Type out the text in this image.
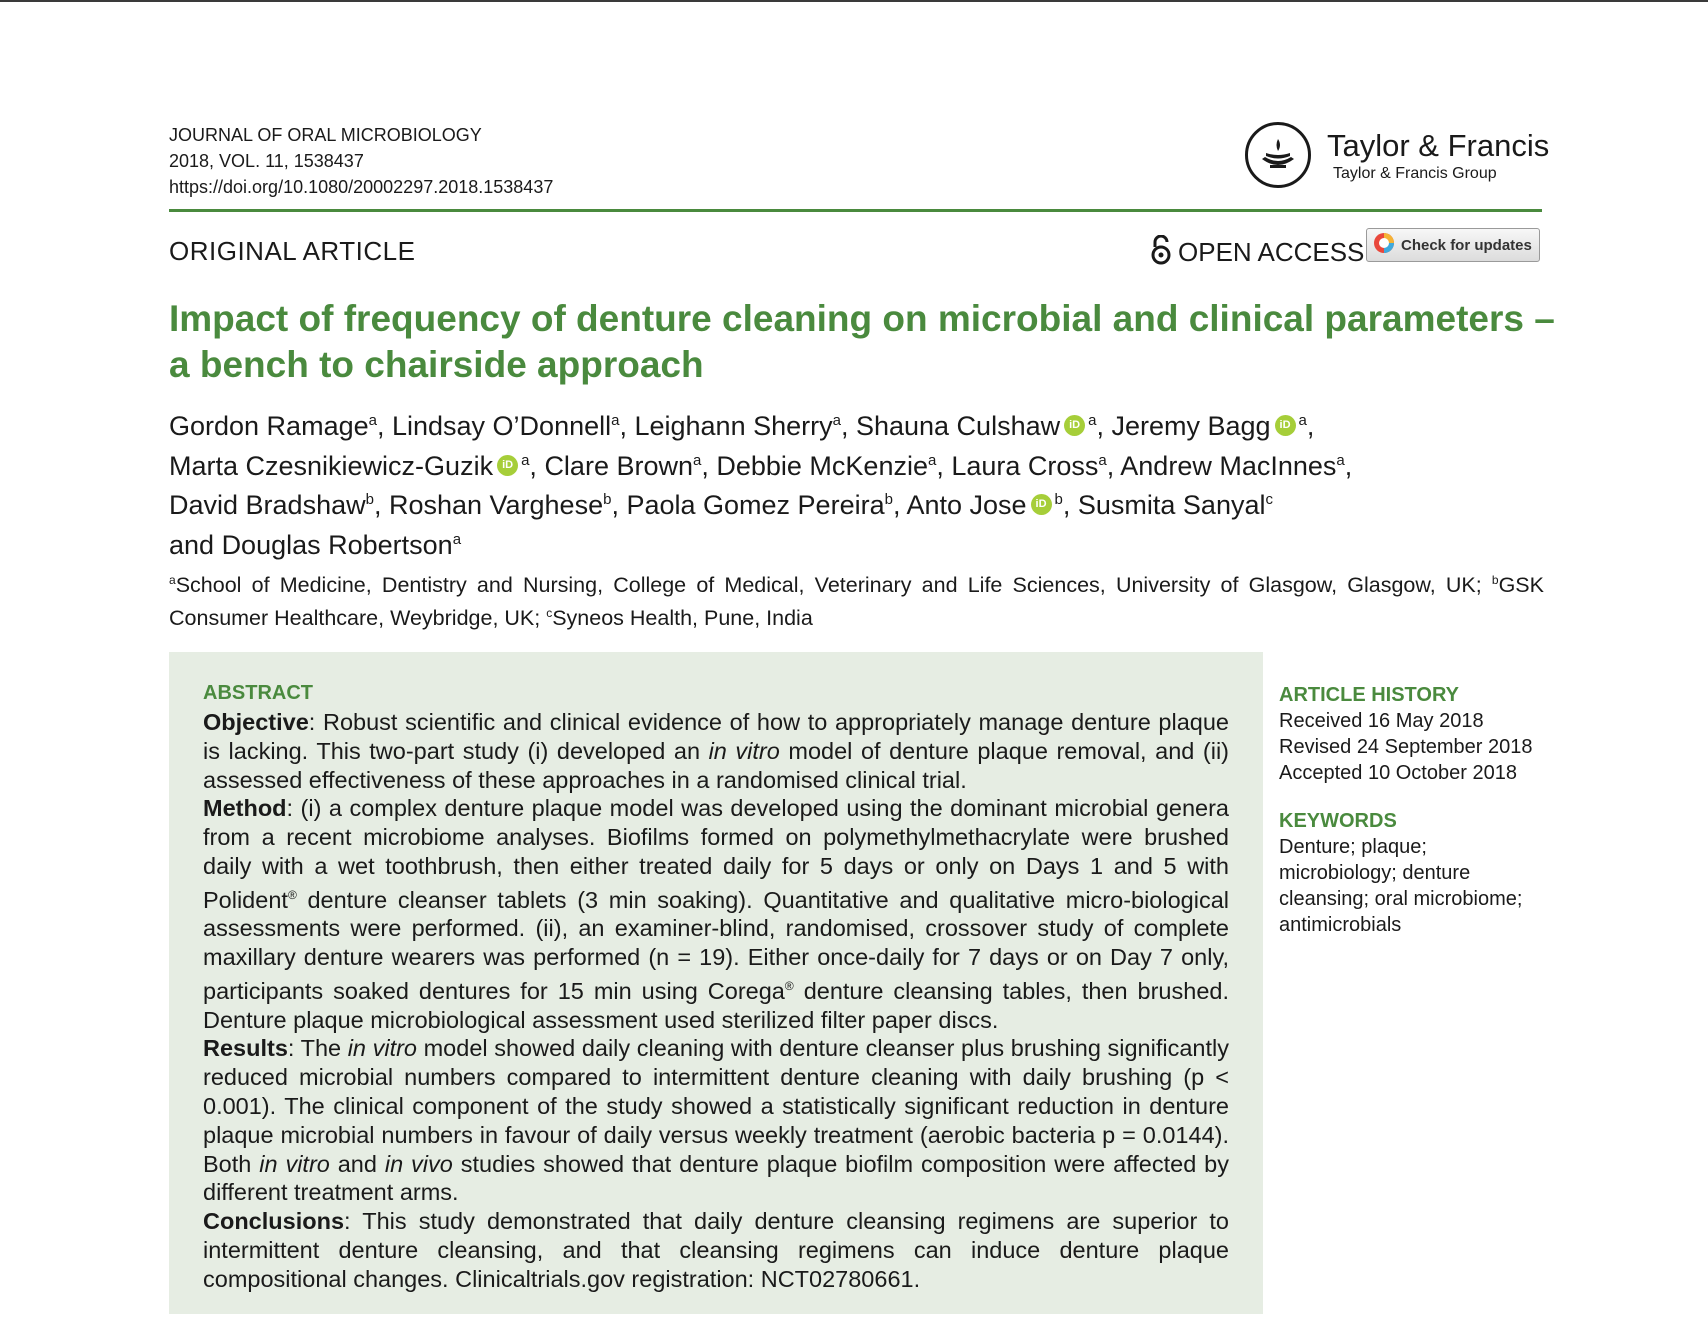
JOURNAL OF ORAL MICROBIOLOGY
2018, VOL. 11, 1538437
https://doi.org/10.1080/20002297.2018.1538437
Taylor & Francis
Taylor & Francis Group
ORIGINAL ARTICLE	OPEN ACCESS Check for updates
Impact of frequency of denture cleaning on microbial and clinical parameters – a bench to chairside approach
Gordon Ramage$^a$, Lindsay O’Donnell$^a$, Leighann Sherry$^a$, Shauna Culshaw iD $^a$, Jeremy Bagg iD $^a$,
Marta Czesnikiewicz-Guzik iD $^a$, Clare Brown$^a$, Debbie McKenzie$^a$, Laura Cross$^a$, Andrew MacInnes$^a$,
David Bradshaw$^b$, Roshan Varghese$^b$, Paola Gomez Pereira$^b$, Anto Jose iD $^b$, Susmita Sanyal$^c$
and Douglas Robertson$^a$
$^a$School of Medicine, Dentistry and Nursing, College of Medical, Veterinary and Life Sciences, University of Glasgow, Glasgow, UK; $^b$GSK Consumer Healthcare, Weybridge, UK; $^c$Syneos Health, Pune, India
ABSTRACT

Objective: Robust scientific and clinical evidence of how to appropriately manage denture plaque is lacking. This two-part study (i) developed an in vitro model of denture plaque removal, and (ii) assessed effectiveness of these approaches in a randomised clinical trial.

Method: (i) a complex denture plaque model was developed using the dominant microbial genera from a recent microbiome analyses. Biofilms formed on polymethylmethacrylate were brushed daily with a wet toothbrush, then either treated daily for 5 days or only on Days 1 and 5 with Polident® denture cleanser tablets (3 min soaking). Quantitative and qualitative micro-biological assessments were performed. (ii), an examiner-blind, randomised, crossover study of complete maxillary denture wearers was performed (n = 19). Either once-daily for 7 days or on Day 7 only, participants soaked dentures for 15 min using Corega® denture cleansing tables, then brushed. Denture plaque microbiological assessment used sterilized filter paper discs.

Results: The in vitro model showed daily cleaning with denture cleanser plus brushing significantly reduced microbial numbers compared to intermittent denture cleaning with daily brushing (p < 0.001). The clinical component of the study showed a statistically significant reduction in denture plaque microbial numbers in favour of daily versus weekly treatment (aerobic bacteria p = 0.0144). Both in vitro and in vivo studies showed that denture plaque biofilm composition were affected by different treatment arms.

Conclusions: This study demonstrated that daily denture cleansing regimens are superior to intermittent denture cleansing, and that cleansing regimens can induce denture plaque compositional changes. Clinicaltrials.gov registration: NCT02780661.

ARTICLE HISTORY
Received 16 May 2018
Revised 24 September 2018
Accepted 10 October 2018
KEYWORDS
Denture; plaque; microbiology; denture cleansing; oral microbiome; antimicrobials
